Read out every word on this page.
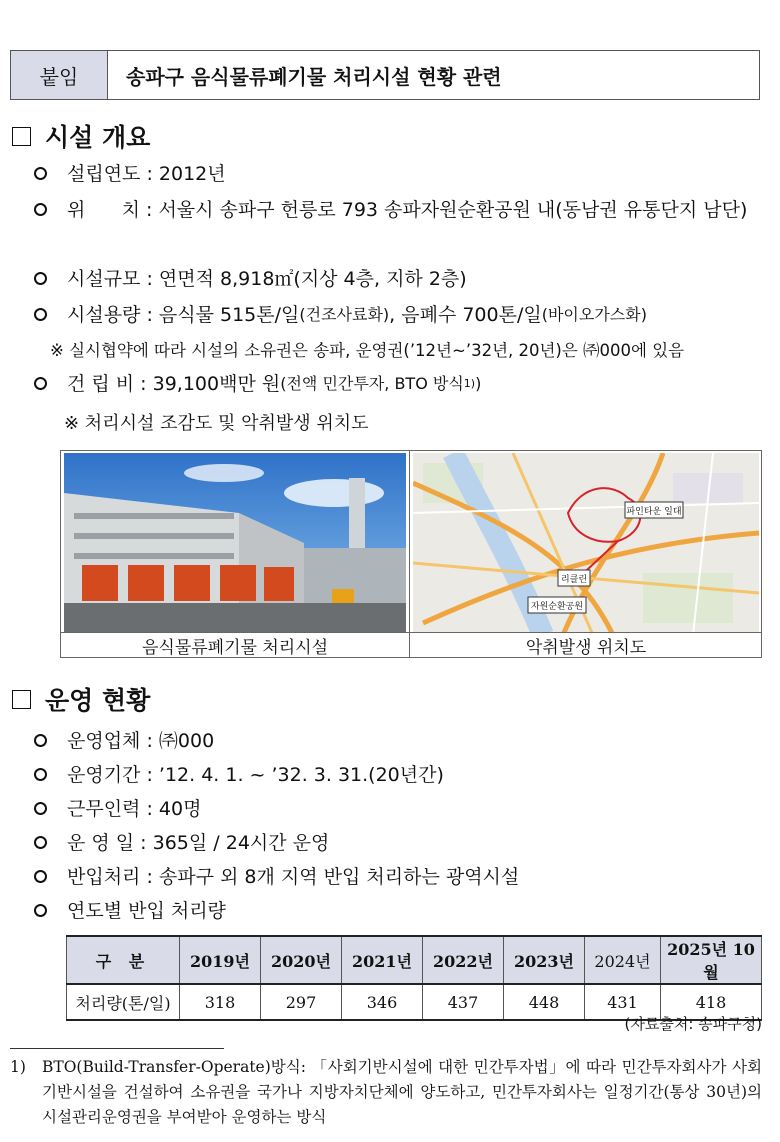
붙임	송파구 음식물류폐기물 처리시설 현황 관련
시설 개요
설립연도 : 2012년
위      치 : 서울시 송파구 헌릉로 793 송파자원순환공원 내(동남권 유통단지 남단)
시설규모 : 연면적 8,918㎡(지상 4층, 지하 2층)
시설용량 : 음식물 515톤/일 (건조사료화) , 음폐수 700톤/일 (바이오가스화)
※ 실시협약에 따라 시설의 소유권은 송파, 운영권(’12년~’32년, 20년)은 ㈜000에 있음
건 립 비 : 39,100백만 원 (전액 민간투자, BTO 방식 1) )
※ 처리시설 조감도 및 악취발생 위치도
음식물류폐기물 처리시설
파인타운 일대
리클린
자원순환공원
악취발생 위치도
운영 현황
운영업체 : ㈜000
운영기간 : ’12. 4. 1. ~ ’32. 3. 31.(20년간)
근무인력 : 40명
운 영 일 : 365일 / 24시간 운영
반입처리 : 송파구 외 8개 지역 반입 처리하는 광역시설
연도별 반입 처리량
구 분	2019년	2020년	2021년	2022년	2023년	2024년	2025년 10월
처리량(톤/일)	318	297	346	437	448	431	418
(자료출처: 송파구청)
1)	BTO(Build-Transfer-Operate)방식: 「사회기반시설에 대한 민간투자법」에 따라 민간투자회사가 사회기반시설을 건설하여 소유권을 국가나 지방자치단체에 양도하고, 민간투자회사는 일정기간(통상 30년)의 시설관리운영권을 부여받아 운영하는 방식
